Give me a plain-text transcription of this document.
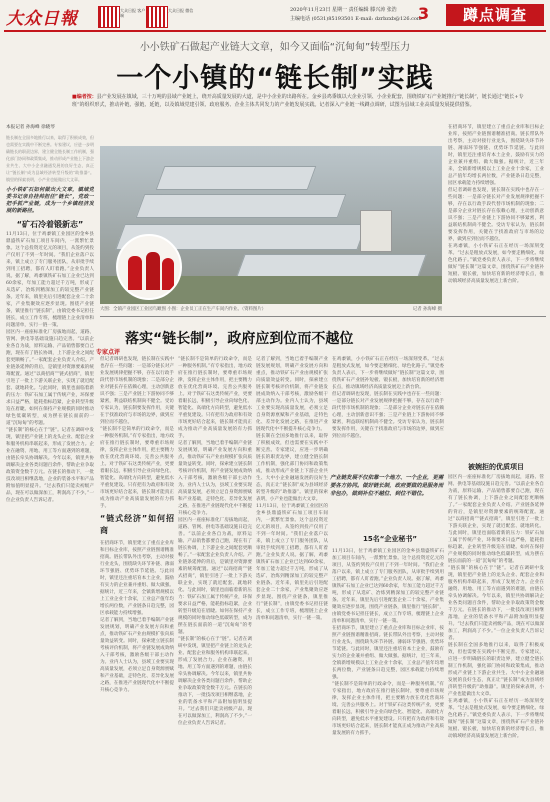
大众日報	大众日报 客户端
大众日报 微信	2020年11月23日 星期一 责任编辑 滕兴涛 张浩
主编电话 (0531)85193501 E-mail: dzrbzxb@126.com
3	蹲点调查
小小铁矿石做起产业链大文章，如今又面临“沉甸甸”转型压力
一个小镇的“链长制”实践
■编者按：县产业发展在镇域，三十万吨的县域产业链上，绕开高质量发展的大道，是中小企业的出路所在。金乡县鸡黍镇以大企业引领、小企业配套，围绕铁矿石产业链推行“链长制”，链长通过“链长+专班”的组织形式，推动补链、强链、延链，以及镇域党建引领、政府服务、企业主体共同发力的产业链发展实践。记者深入产业链一线蹲点调研，试图为县域工业高质量发展提供借鉴。
本报记者 孙海峰 徐晓琴
链长制在全国多地推行以来，取得了积极成效，但也需要在实践中不断完善。专家建议，应进一步明确链长的职责边界，建立健全链长制工作机制，强化部门协同和政策集成，推动形成产业链上下游企业共生、大中小企业融通发展的良好生态，真正让“链长制”成为县域经济转型升级的“助推器”。镇里的探索表明，小产业也能做出大文章。
小小铁矿石如何做出大文章，镇域党委书记亲自挂帅担任“链长”，党政一把手抓产业链，成为一个乡镇经济发展的新路径。
“矿石冷着锻新志”
11月13日，位于鸡黍镇工业园区的金乡县鼎盛铁矿石加工项目车间内，一派繁忙景象。这个总投资近亿元的项目，从签约到投产仅用了不到一年时间。“我们企业落户以来，镇上成立了专门服务团队，从审批手续到用工招聘，都有人盯着跑。”企业负责人说。据了解，鸡黍镇铁矿石加工企业已达到60余家，年加工能力超过千万吨，形成了从选矿、冶炼到精深加工的较完整产业链条。近年来，镇里先后引进配套企业二十余家，产业集聚效应逐步显现。围绕产业链条，镇里推行“链长制”，由镇党委书记担任链长，成立工作专班，梳理链上企业清单和问题清单，实行一链一策。
园区内一座座标准化厂房拔地而起，道路、管网、供电等基础设施日趋完善。“以前企业各自为战，原料运输、产品销售都要自己跑，现在有了链长协调，上下游企业之间配套更顺畅了。”一家配套企业负责人介绍。产业链条延伸的背后，是镇里对资源要素的统筹配置。通过“以商招商”“链式招商”，镇里引进了一批上下游关联企业，实现了就近配套、就地转化。与此同时，镇里也面临着新的压力：铁矿石加工属于传统产业，环保要求日益严格，能耗指标趋紧，企业转型升级迫在眉睫。如何在保持产业规模的同时推动绿色低碳转型，成为摆在链长面前的一道“沉甸甸”的考题。
“链长制”的核心在于“链”。记者在调研中发现，镇里把产业链上的龙头企业、配套企业和服务机构串联起来，形成了发展合力。企业在融资、用地、用工等方面遇到的难题，由链长牵头协调解决。今年以来，镇里共协调解决企业各类问题百余件，帮助企业争取政策资金数千万元。在链长的推动下，一批技改项目相继落地，企业的装备水平和产品附加值明显提升。“过去我们只能卖初级产品，现在可以做深加工，利润高了不少。”一位企业负责人告诉记者。
在招商环节，镇里建立了重点企业库和目标企业库，按照产业链图谱精准招商。链长带队外出考察，主动对接行业龙头，围绕缺失环节补链、薄弱环节强链、优势环节延链。与此同时，镇里还注重培育本土企业，鼓励有实力的企业兼并重组、做大做强。据统计，近三年来，全镇新增规模以上工业企业十余家，工业总产值年均增长两位数，产业链条日趋完整，园区承载能力持续增强。
但记者调研也发现，链长制在实践中也存在一些问题：一是部分链长对产业发展规律把握不够，存在以行政手段代替市场机制的现象；二是部分企业对链长存在依赖心理，主动创新意识不强；三是产业链上下游协同不够紧密，利益联结机制尚不健全。受访专家认为，链长制要发挥作用，关键在于找准政府与市场的边界，做到应到位而不越位。
在鸡黍镇，小小铁矿石正在经历一场深刻变革。“过去是粗放式发展，如今要走精细化、绿色化路子。”镇党委负责人表示，下一步将继续做好“链长制”这篇文章，围绕铁矿石产业链补短板、锻长板，加快培育新的经济增长点，推动镇域经济高质量发展迈上新台阶。
大图：全镇产业园区工业园鸟瞰图 小图：企业员工正在生产车间内作业。（资料图片）	记者 孙海峰 摄
落实“链长制”，政府应到位而不越位
专家点评
但记者调研也发现，链长制在实践中也存在一些问题：一是部分链长对产业发展规律把握不够，存在以行政手段代替市场机制的现象；二是部分企业对链长存在依赖心理，主动创新意识不强；三是产业链上下游协同不够紧密，利益联结机制尚不健全。受访专家认为，链长制要发挥作用，关键在于找准政府与市场的边界，做到应到位而不越位。
“链长制不是简单的行政命令，而是一种服务机制。”有专家指出，地方政府在推行链长制时，要尊重市场规律，发挥企业主体作用，把主要精力放在优化营商环境、完善公共服务上。对于铁矿石这类传统产业，更要着眼长远，积极引导企业向绿色化、智能化、高端化方向转型，避免低水平重复建设。只有把有为政府和有效市场更好结合起来，链长制才能真正成为推动产业高质量发展的有力抓手。
“链式经济”如何招商
在招商环节，镇里建立了重点企业库和目标企业库，按照产业链图谱精准招商。链长带队外出考察，主动对接行业龙头，围绕缺失环节补链、薄弱环节强链、优势环节延链。与此同时，镇里还注重培育本土企业，鼓励有实力的企业兼并重组、做大做强。据统计，近三年来，全镇新增规模以上工业企业十余家，工业总产值年均增长两位数，产业链条日趋完整，园区承载能力持续增强。
记者了解到，当地已着手编制产业链发展规划，明确产业发展方向和重点，推动铁矿石产业由规模扩张向质量效益转变。同时，探索建立链长制考核评价机制，将产业链发展成效纳入干部考核，激励各级干部主动作为。业内人士认为，县域工业要实现高质量发展，必须立足自身资源禀赋和产业基础，走特色化、差异化发展之路，在推进产业链现代化中不断提升核心竞争力。
“链长制不是简单的行政命令，而是一种服务机制。”有专家指出，地方政府在推行链长制时，要尊重市场规律，发挥企业主体作用，把主要精力放在优化营商环境、完善公共服务上。对于铁矿石这类传统产业，更要着眼长远，积极引导企业向绿色化、智能化、高端化方向转型，避免低水平重复建设。只有把有为政府和有效市场更好结合起来，链长制才能真正成为推动产业高质量发展的有力抓手。
记者了解到，当地已着手编制产业链发展规划，明确产业发展方向和重点，推动铁矿石产业由规模扩张向质量效益转变。同时，探索建立链长制考核评价机制，将产业链发展成效纳入干部考核，激励各级干部主动作为。业内人士认为，县域工业要实现高质量发展，必须立足自身资源禀赋和产业基础，走特色化、差异化发展之路，在推进产业链现代化中不断提升核心竞争力。
园区内一座座标准化厂房拔地而起，道路、管网、供电等基础设施日趋完善。“以前企业各自为战，原料运输、产品销售都要自己跑，现在有了链长协调，上下游企业之间配套更顺畅了。”一家配套企业负责人介绍。产业链条延伸的背后，是镇里对资源要素的统筹配置。通过“以商招商”“链式招商”，镇里引进了一批上下游关联企业，实现了就近配套、就地转化。与此同时，镇里也面临着新的压力：铁矿石加工属于传统产业，环保要求日益严格，能耗指标趋紧，企业转型升级迫在眉睫。如何在保持产业规模的同时推动绿色低碳转型，成为摆在链长面前的一道“沉甸甸”的考题。
“链长制”的核心在于“链”。记者在调研中发现，镇里把产业链上的龙头企业、配套企业和服务机构串联起来，形成了发展合力。企业在融资、用地、用工等方面遇到的难题，由链长牵头协调解决。今年以来，镇里共协调解决企业各类问题百余件，帮助企业争取政策资金数千万元。在链长的推动下，一批技改项目相继落地，企业的装备水平和产品附加值明显提升。“过去我们只能卖初级产品，现在可以做深加工，利润高了不少。”一位企业负责人告诉记者。
记者了解到，当地已着手编制产业链发展规划，明确产业发展方向和重点，推动铁矿石产业由规模扩张向质量效益转变。同时，探索建立链长制考核评价机制，将产业链发展成效纳入干部考核，激励各级干部主动作为。业内人士认为，县域工业要实现高质量发展，必须立足自身资源禀赋和产业基础，走特色化、差异化发展之路，在推进产业链现代化中不断提升核心竞争力。
链长制在全国多地推行以来，取得了积极成效，但也需要在实践中不断完善。专家建议，应进一步明确链长的职责边界，建立健全链长制工作机制，强化部门协同和政策集成，推动形成产业链上下游企业共生、大中小企业融通发展的良好生态，真正让“链长制”成为县域经济转型升级的“助推器”。镇里的探索表明，小产业也能做出大文章。
11月13日，位于鸡黍镇工业园区的金乡县鼎盛铁矿石加工项目车间内，一派繁忙景象。这个总投资近亿元的项目，从签约到投产仅用了不到一年时间。“我们企业落户以来，镇上成立了专门服务团队，从审批手续到用工招聘，都有人盯着跑。”企业负责人说。据了解，鸡黍镇铁矿石加工企业已达到60余家，年加工能力超过千万吨，形成了从选矿、冶炼到精深加工的较完整产业链条。近年来，镇里先后引进配套企业二十余家，产业集聚效应逐步显现。围绕产业链条，镇里推行“链长制”，由镇党委书记担任链长，成立工作专班，梳理链上企业清单和问题清单，实行一链一策。
在鸡黍镇，小小铁矿石正在经历一场深刻变革。“过去是粗放式发展，如今要走精细化、绿色化路子。”镇党委负责人表示，下一步将继续做好“链长制”这篇文章，围绕铁矿石产业链补短板、锻长板，加快培育新的经济增长点，推动镇域经济高质量发展迈上新台阶。
但记者调研也发现，链长制在实践中也存在一些问题：一是部分链长对产业发展规律把握不够，存在以行政手段代替市场机制的现象；二是部分企业对链长存在依赖心理，主动创新意识不强；三是产业链上下游协同不够紧密，利益联结机制尚不健全。受访专家认为，链长制要发挥作用，关键在于找准政府与市场的边界，做到应到位而不越位。
产业链发展不仅依靠一个地方、一个企业，更需要各方协同。做好链长制，政府要做的是服务而非包办，做到补位不越位、到位不错位。
15名“企业秘书”
11月13日，位于鸡黍镇工业园区的金乡县鼎盛铁矿石加工项目车间内，一派繁忙景象。这个总投资近亿元的项目，从签约到投产仅用了不到一年时间。“我们企业落户以来，镇上成立了专门服务团队，从审批手续到用工招聘，都有人盯着跑。”企业负责人说。据了解，鸡黍镇铁矿石加工企业已达到60余家，年加工能力超过千万吨，形成了从选矿、冶炼到精深加工的较完整产业链条。近年来，镇里先后引进配套企业二十余家，产业集聚效应逐步显现。围绕产业链条，镇里推行“链长制”，由镇党委书记担任链长，成立工作专班，梳理链上企业清单和问题清单，实行一链一策。
在招商环节，镇里建立了重点企业库和目标企业库，按照产业链图谱精准招商。链长带队外出考察，主动对接行业龙头，围绕缺失环节补链、薄弱环节强链、优势环节延链。与此同时，镇里还注重培育本土企业，鼓励有实力的企业兼并重组、做大做强。据统计，近三年来，全镇新增规模以上工业企业十余家，工业总产值年均增长两位数，产业链条日趋完整，园区承载能力持续增强。
“链长制不是简单的行政命令，而是一种服务机制。”有专家指出，地方政府在推行链长制时，要尊重市场规律，发挥企业主体作用，把主要精力放在优化营商环境、完善公共服务上。对于铁矿石这类传统产业，更要着眼长远，积极引导企业向绿色化、智能化、高端化方向转型，避免低水平重复建设。只有把有为政府和有效市场更好结合起来，链长制才能真正成为推动产业高质量发展的有力抓手。
被婉拒的优质项目
园区内一座座标准化厂房拔地而起，道路、管网、供电等基础设施日趋完善。“以前企业各自为战，原料运输、产品销售都要自己跑，现在有了链长协调，上下游企业之间配套更顺畅了。”一家配套企业负责人介绍。产业链条延伸的背后，是镇里对资源要素的统筹配置。通过“以商招商”“链式招商”，镇里引进了一批上下游关联企业，实现了就近配套、就地转化。与此同时，镇里也面临着新的压力：铁矿石加工属于传统产业，环保要求日益严格，能耗指标趋紧，企业转型升级迫在眉睫。如何在保持产业规模的同时推动绿色低碳转型，成为摆在链长面前的一道“沉甸甸”的考题。
“链长制”的核心在于“链”。记者在调研中发现，镇里把产业链上的龙头企业、配套企业和服务机构串联起来，形成了发展合力。企业在融资、用地、用工等方面遇到的难题，由链长牵头协调解决。今年以来，镇里共协调解决企业各类问题百余件，帮助企业争取政策资金数千万元。在链长的推动下，一批技改项目相继落地，企业的装备水平和产品附加值明显提升。“过去我们只能卖初级产品，现在可以做深加工，利润高了不少。”一位企业负责人告诉记者。
链长制在全国多地推行以来，取得了积极成效，但也需要在实践中不断完善。专家建议，应进一步明确链长的职责边界，建立健全链长制工作机制，强化部门协同和政策集成，推动形成产业链上下游企业共生、大中小企业融通发展的良好生态，真正让“链长制”成为县域经济转型升级的“助推器”。镇里的探索表明，小产业也能做出大文章。
在鸡黍镇，小小铁矿石正在经历一场深刻变革。“过去是粗放式发展，如今要走精细化、绿色化路子。”镇党委负责人表示，下一步将继续做好“链长制”这篇文章，围绕铁矿石产业链补短板、锻长板，加快培育新的经济增长点，推动镇域经济高质量发展迈上新台阶。
